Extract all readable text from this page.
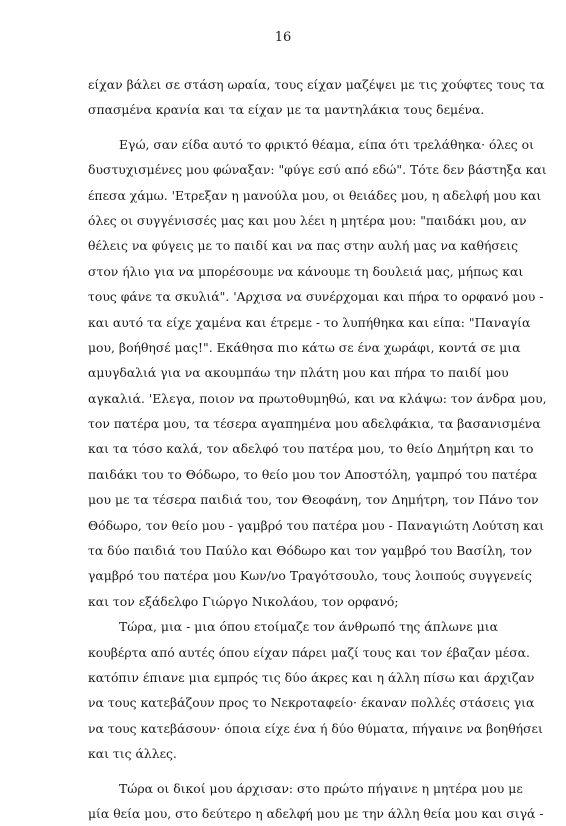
16
είχαν βάλει σε στάση ωραία, τους είχαν μαζέψει με τις χούφτες τους τα
σπασμένα κρανία και τα είχαν με τα μαντηλάκια τους δεμένα.
Εγώ, σαν είδα αυτό το φρικτό θέαμα, είπα ότι τρελάθηκα· όλες οι
δυστυχισμένες μου φώναξαν: "φύγε εσύ από εδώ". Τότε δεν βάστηξα και
έπεσα χάμω. 'Ετρεξαν η μανούλα μου, οι θειάδες μου, η αδελφή μου και
όλες οι συγγένισσές μας και μου λέει η μητέρα μου: "παιδάκι μου, αν
θέλεις να φύγεις με το παιδί και να πας στην αυλή μας να καθήσεις
στον ήλιο για να μπορέσουμε να κάνουμε τη δουλειά μας, μήπως και
τους φάνε τα σκυλιά". 'Αρχισα να συνέρχομαι και πήρα το ορφανό μου -
και αυτό τα είχε χαμένα και έτρεμε - το λυπήθηκα και είπα: "Παναγία
μου, βοήθησέ μας!". Εκάθησα πιο κάτω σε ένα χωράφι, κοντά σε μια
αμυγδαλιά για να ακουμπάω την πλάτη μου και πήρα το παιδί μου
αγκαλιά. 'Ελεγα, ποιον να πρωτοθυμηθώ, και να κλάψω: τον άνδρα μου,
τον πατέρα μου, τα τέσερα αγαπημένα μου αδελφάκια, τα βασανισμένα
και τα τόσο καλά, τον αδελφό του πατέρα μου, το θείο Δημήτρη και το
παιδάκι του το Θόδωρο, το θείο μου τον Αποστόλη, γαμπρό του πατέρα
μου με τα τέσερα παιδιά του, τον Θεοφάνη, τον Δημήτρη, τον Πάνο τον
Θόδωρο, τον θείο μου - γαμβρό του πατέρα μου - Παναγιώτη Λούτση και
τα δύο παιδιά του Παύλο και Θόδωρο και τον γαμβρό του Βασίλη, τον
γαμβρό του πατέρα μου Κων/νο Τραγότσουλο, τους λοιπούς συγγενείς
και τον εξάδελφο Γιώργο Νικολάου, τον ορφανό;
Τώρα, μια - μια όπου ετοίμαζε τον άνθρωπό της άπλωνε μια
κουβέρτα από αυτές όπου είχαν πάρει μαζί τους και τον έβαζαν μέσα.
κατόπιν έπιανε μια εμπρός τις δύο άκρες και η άλλη πίσω και άρχιζαν
να τους κατεβάζουν προς το Νεκροταφείο· έκαναν πολλές στάσεις για
να τους κατεβάσουν· όποια είχε ένα ή δύο θύματα, πήγαινε να βοηθήσει
και τις άλλες.
Τώρα οι δικοί μου άρχισαν: στο πρώτο πήγαινε η μητέρα μου με
μία θεία μου, στο δεύτερο η αδελφή μου με την άλλη θεία μου και σιγά -
